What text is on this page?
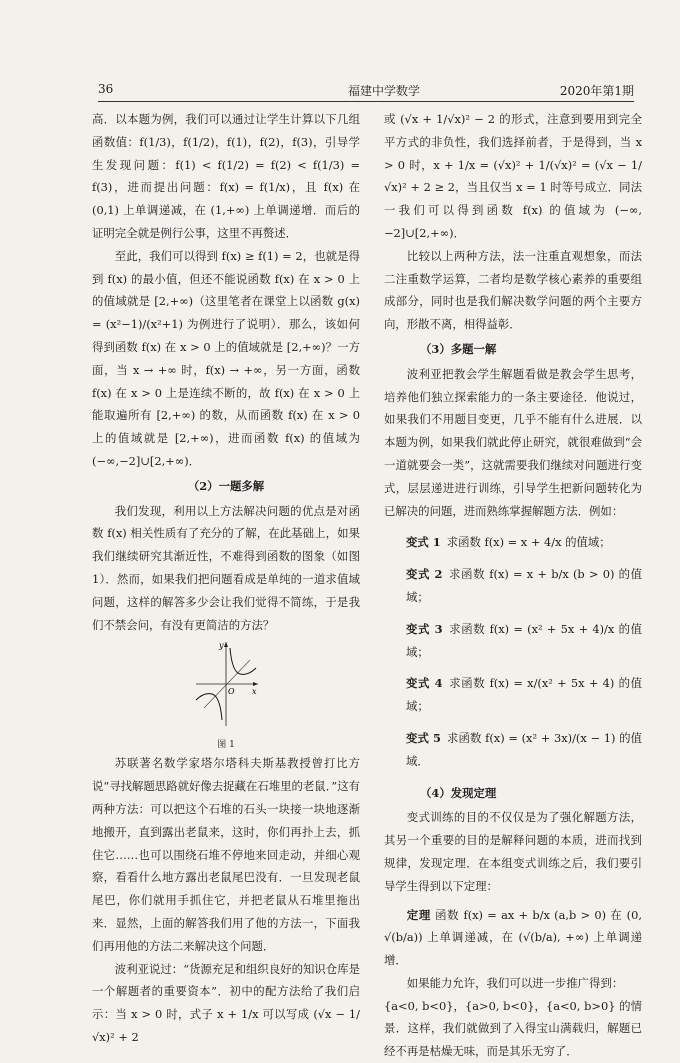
36	福建中学数学	2020年第1期

高．以本题为例，我们可以通过让学生计算以下几组函数值：f(1/3)，f(1/2)，f(1)，f(2)，f(3)，引导学生发现问题：f(1) < f(1/2) = f(2) < f(1/3) = f(3)，进而提出问题：f(x) = f(1/x)，且 f(x) 在 (0,1) 上单调递减，在 (1,+∞) 上单调递增．而后的证明完全就是例行公事，这里不再赘述．

至此，我们可以得到 f(x) ≥ f(1) = 2，也就是得到 f(x) 的最小值，但还不能说函数 f(x) 在 x > 0 上的值域就是 [2,+∞)（这里笔者在课堂上以函数 g(x) = (x²−1)/(x²+1) 为例进行了说明）．那么，该如何得到函数 f(x) 在 x > 0 上的值域就是 [2,+∞)？一方面，当 x → +∞ 时，f(x) → +∞，另一方面，函数 f(x) 在 x > 0 上是连续不断的，故 f(x) 在 x > 0 上能取遍所有 [2,+∞) 的数，从而函数 f(x) 在 x > 0 上的值域就是 [2,+∞)，进而函数 f(x) 的值域为 (−∞,−2]∪[2,+∞)．

（2）一题多解

我们发现，利用以上方法解决问题的优点是对函数 f(x) 相关性质有了充分的了解，在此基础上，如果我们继续研究其渐近性，不难得到函数的图象（如图1）．然而，如果我们把问题看成是单纯的一道求值域问题，这样的解答多少会让我们觉得不简练，于是我们不禁会问，有没有更简洁的方法？

y
O x
图 1

苏联著名数学家塔尔塔科夫斯基教授曾打比方说“寻找解题思路就好像去捉藏在石堆里的老鼠．”这有两种方法：可以把这个石堆的石头一块接一块地逐渐地搬开，直到露出老鼠来，这时，你们再扑上去，抓住它……也可以围绕石堆不停地来回走动，并细心观察，看看什么地方露出老鼠尾巴没有．一旦发现老鼠尾巴，你们就用手抓住它，并把老鼠从石堆里拖出来．显然，上面的解答我们用了他的方法一，下面我们再用他的方法二来解决这个问题．

波利亚说过：“货源充足和组织良好的知识仓库是一个解题者的重要资本”．初中的配方法给了我们启示：当 x > 0 时，式子 x + 1/x 可以写成 (√x − 1/√x)² + 2

或 (√x + 1/√x)² − 2 的形式，注意到要用到完全平方式的非负性，我们选择前者，于是得到，当 x > 0 时，x + 1/x = (√x)² + 1/(√x)² = (√x − 1/√x)² + 2 ≥ 2，当且仅当 x = 1 时等号成立．同法一我们可以得到函数 f(x) 的值域为 (−∞,−2]∪[2,+∞)．

比较以上两种方法，法一注重直观想象，而法二注重数学运算，二者均是数学核心素养的重要组成部分，同时也是我们解决数学问题的两个主要方向，形散不离，相得益彰．

（3）多题一解

波利亚把教会学生解题看做是教会学生思考，培养他们独立探索能力的一条主要途径．他说过，如果我们不用题目变更，几乎不能有什么进展．以本题为例，如果我们就此停止研究，就很难做到“会一道就要会一类”，这就需要我们继续对问题进行变式，层层递进进行训练，引导学生把新问题转化为已解决的问题，进而熟练掌握解题方法．例如：

变式 1 求函数 f(x) = x + 4/x 的值域；
变式 2 求函数 f(x) = x + b/x (b > 0) 的值域；
变式 3 求函数 f(x) = (x² + 5x + 4)/x 的值域；
变式 4 求函数 f(x) = x/(x² + 5x + 4) 的值域；
变式 5 求函数 f(x) = (x² + 3x)/(x − 1) 的值域．

（4）发现定理

变式训练的目的不仅仅是为了强化解题方法，其另一个重要的目的是解释问题的本质，进而找到规律，发现定理．在本组变式训练之后，我们要引导学生得到以下定理：

定理 函数 f(x) = ax + b/x (a,b > 0) 在 (0, √(b/a)) 上单调递减，在 (√(b/a), +∞) 上单调递增．

如果能力允许，我们可以进一步推广得到：

{a<0, b<0}，{a>0, b<0}，{a<0, b>0} 的情景．这样，我们就做到了入得宝山满载归，解题已经不再是枯燥无味，而是其乐无穷了．
